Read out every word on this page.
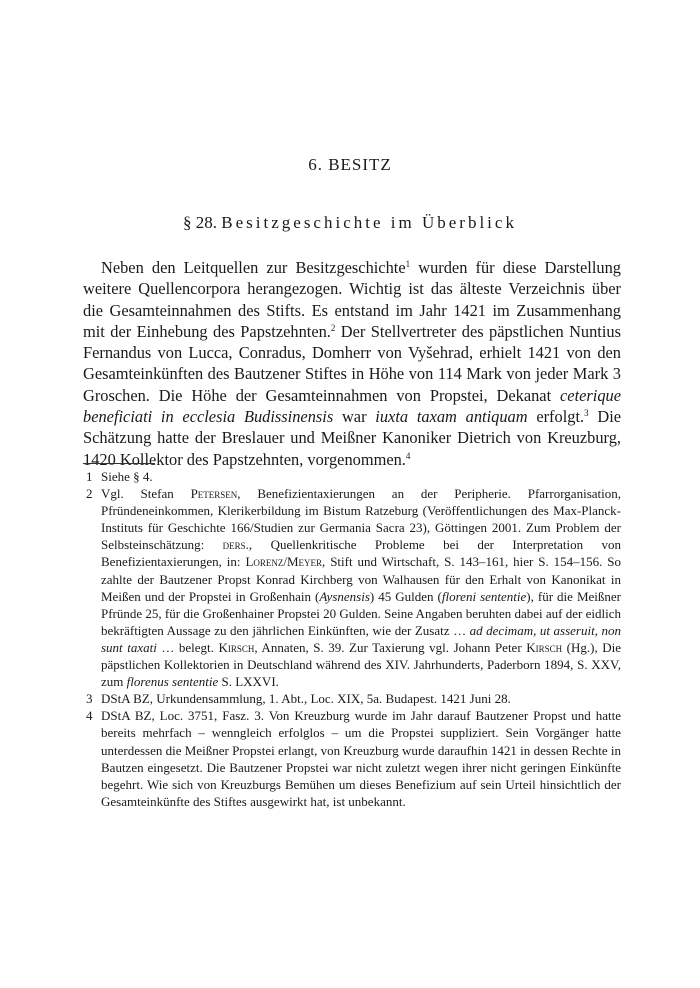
6. BESITZ
§ 28. Besitzgeschichte im Überblick
Neben den Leitquellen zur Besitzgeschichte$^1$ wurden für diese Darstellung weitere Quellencorpora herangezogen. Wichtig ist das älteste Verzeichnis über die Gesamteinnahmen des Stifts. Es entstand im Jahr 1421 im Zusammenhang mit der Einhebung des Papstzehnten.$^2$ Der Stellvertreter des päpstlichen Nuntius Fernandus von Lucca, Conradus, Domherr von Vyšehrad, erhielt 1421 von den Gesamteinkünften des Bautzener Stiftes in Höhe von 114 Mark von jeder Mark 3 Groschen. Die Höhe der Gesamteinnahmen von Propstei, Dekanat ceterique beneficiati in ecclesia Budissinensis war iuxta taxam antiquam erfolgt.$^3$ Die Schätzung hatte der Breslauer und Meißner Kanoniker Dietrich von Kreuzburg, 1420 Kollektor des Papstzehnten, vorgenommen.$^4$
1 Siehe § 4.
2 Vgl. Stefan Petersen, Benefizientaxierungen an der Peripherie. Pfarrorganisation, Pfründeneinkommen, Klerikerbildung im Bistum Ratzeburg (Veröffentlichungen des Max-Planck-Instituts für Geschichte 166/Studien zur Germania Sacra 23), Göttingen 2001. Zum Problem der Selbsteinschätzung: ders., Quellenkritische Probleme bei der Interpretation von Benefizientaxierungen, in: Lorenz/Meyer, Stift und Wirtschaft, S. 143–161, hier S. 154–156. So zahlte der Bautzener Propst Konrad Kirchberg von Walhausen für den Erhalt von Kanonikat in Meißen und der Propstei in Großenhain (Aysnensis) 45 Gulden (floreni sententie), für die Meißner Pfründe 25, für die Großenhainer Propstei 20 Gulden. Seine Angaben beruhten dabei auf der eidlich bekräftigten Aussage zu den jährlichen Einkünften, wie der Zusatz … ad decimam, ut asseruit, non sunt taxati … belegt. Kirsch, Annaten, S. 39. Zur Taxierung vgl. Johann Peter Kirsch (Hg.), Die päpstlichen Kollektorien in Deutschland während des XIV. Jahrhunderts, Paderborn 1894, S. XXV, zum florenus sententie S. LXXVI.
3 DStA BZ, Urkundensammlung, 1. Abt., Loc. XIX, 5a. Budapest. 1421 Juni 28.
4 DStA BZ, Loc. 3751, Fasz. 3. Von Kreuzburg wurde im Jahr darauf Bautzener Propst und hatte bereits mehrfach – wenngleich erfolglos – um die Propstei suppliziert. Sein Vorgänger hatte unterdessen die Meißner Propstei erlangt, von Kreuzburg wurde daraufhin 1421 in dessen Rechte in Bautzen eingesetzt. Die Bautzener Propstei war nicht zuletzt wegen ihrer nicht geringen Einkünfte begehrt. Wie sich von Kreuzburgs Bemühen um dieses Benefizium auf sein Urteil hinsichtlich der Gesamteinkünfte des Stiftes ausgewirkt hat, ist unbekannt.
